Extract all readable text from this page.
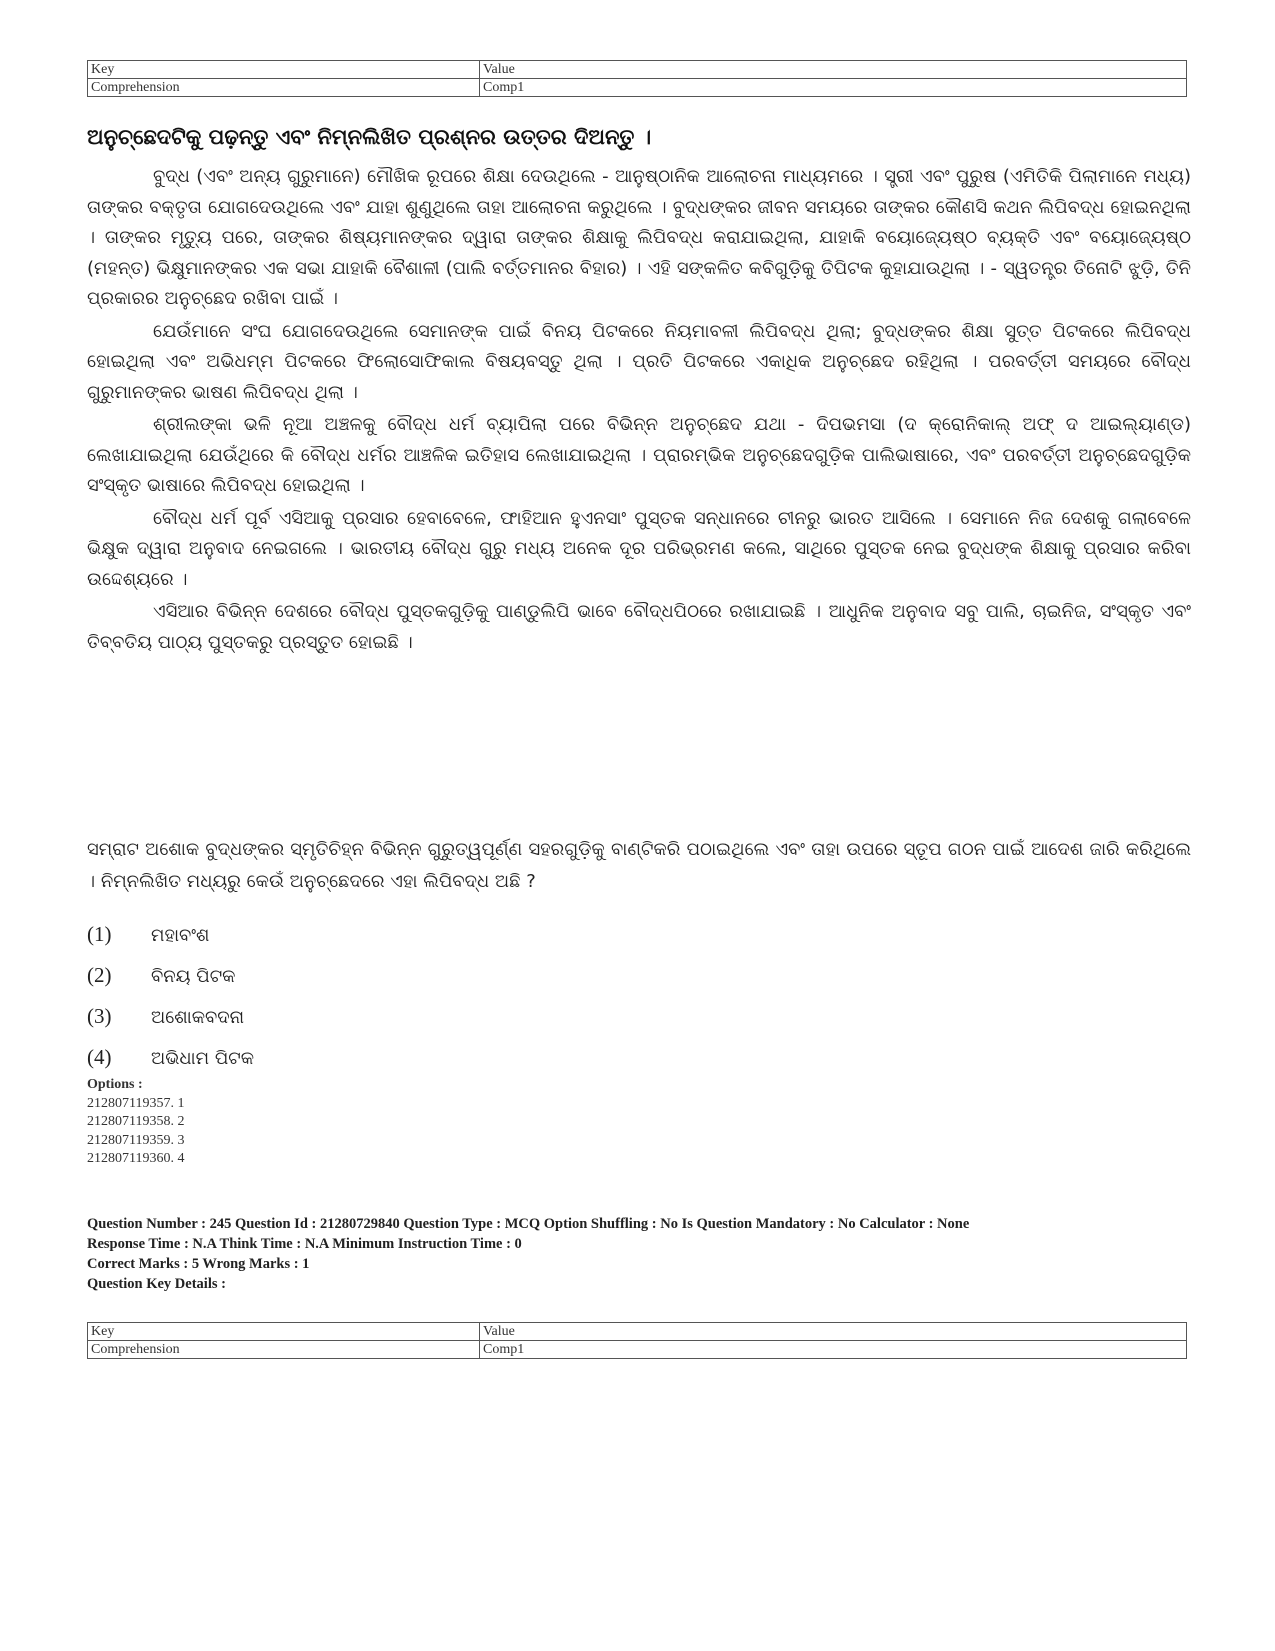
Key	Value
Comprehension	Comp1
ଅନୁଚ୍ଛେଦଟିକୁ ପଢ଼ନ୍ତୁ ଏବଂ ନିମ୍ନଲିଖିତ ପ୍ରଶ୍ନର ଉତ୍ତର ଦିଅନ୍ତୁ ।

ବୁଦ୍ଧ (ଏବଂ ଅନ୍ୟ ଗୁରୁମାନେ) ମୌଖିକ ରୂପରେ ଶିକ୍ଷା ଦେଉଥିଲେ - ଆନୁଷ୍ଠାନିକ ଆଲୋଚନା ମାଧ୍ୟମରେ । ସ୍ତ୍ରୀ ଏବଂ ପୁରୁଷ (ଏମିତିକି ପିଲାମାନେ ମଧ୍ୟ) ତାଙ୍କର ବକ୍ତୃତା ଯୋଗଦେଉଥିଲେ ଏବଂ ଯାହା ଶୁଣୁଥିଲେ ତାହା ଆଲୋଚନା କରୁଥିଲେ । ବୁଦ୍ଧଙ୍କର ଜୀବନ ସମୟରେ ତାଙ୍କର କୌଣସି କଥନ ଲିପିବଦ୍ଧ ହୋଇନଥିଲା । ତାଙ୍କର ମୃତ୍ୟୁ ପରେ, ତାଙ୍କର ଶିଷ୍ୟମାନଙ୍କର ଦ୍ୱାରା ତାଙ୍କର ଶିକ୍ଷାକୁ ଲିପିବଦ୍ଧ କରାଯାଇଥିଲା, ଯାହାକି ବୟୋଜ୍ୟେଷ୍ଠ ବ୍ୟକ୍ତି ଏବଂ ବୟୋଜ୍ୟେଷ୍ଠ (ମହନ୍ତ) ଭିକ୍ଷୁମାନଙ୍କର ଏକ ସଭା ଯାହାକି ବୈଶାଳୀ (ପାଲି ବର୍ତ୍ତମାନର ବିହାର) । ଏହି ସଙ୍କଳିତ କବିଗୁଡ଼ିକୁ ତିପିଟକ କୁହାଯାଉଥିଲା । - ସ୍ୱତନ୍ତ୍ର ତିନୋଟି ଝୁଡ଼ି, ତିନି ପ୍ରକାରର ଅନୁଚ୍ଛେଦ ରଖିବା ପାଇଁ ।

ଯେଉଁମାନେ ସଂଘ ଯୋଗଦେଉଥିଲେ ସେମାନଙ୍କ ପାଇଁ ବିନୟ ପିଟକରେ ନିୟମାବଳୀ ଲିପିବଦ୍ଧ ଥିଲା; ବୁଦ୍ଧଙ୍କର ଶିକ୍ଷା ସୁତ୍ତ ପିଟକରେ ଲିପିବଦ୍ଧ ହୋଇଥିଲା ଏବଂ ଅଭିଧମ୍ମ ପିଟକରେ ଫିଲୋସୋଫିକାଲ ବିଷୟବସ୍ତୁ ଥିଲା । ପ୍ରତି ପିଟକରେ ଏକାଧିକ ଅନୁଚ୍ଛେଦ ରହିଥିଲା । ପରବର୍ତ୍ତୀ ସମୟରେ ବୌଦ୍ଧ ଗୁରୁମାନଙ୍କର ଭାଷଣ ଲିପିବଦ୍ଧ ଥିଲା ।

ଶ୍ରୀଲଙ୍କା ଭଳି ନୂଆ ଅଞ୍ଚଳକୁ ବୌଦ୍ଧ ଧର୍ମ ବ୍ୟାପିଲା ପରେ ବିଭିନ୍ନ ଅନୁଚ୍ଛେଦ ଯଥା - ଦିପଭମସା (ଦ କ୍ରୋନିକାଲ୍ ଅଫ୍ ଦ ଆଇଲ୍ୟାଣ୍ଡ) ଲେଖାଯାଇଥିଲା ଯେଉଁଥିରେ କି ବୌଦ୍ଧ ଧର୍ମର ଆଞ୍ଚଳିକ ଇତିହାସ ଲେଖାଯାଇଥିଲା । ପ୍ରାରମ୍ଭିକ ଅନୁଚ୍ଛେଦଗୁଡ଼ିକ ପାଲିଭାଷାରେ, ଏବଂ ପରବର୍ତ୍ତୀ ଅନୁଚ୍ଛେଦଗୁଡ଼ିକ ସଂସ୍କୃତ ଭାଷାରେ ଲିପିବଦ୍ଧ ହୋଇଥିଲା ।

ବୌଦ୍ଧ ଧର୍ମ ପୂର୍ବ ଏସିଆକୁ ପ୍ରସାର ହେବାବେଳେ, ଫାହିଆନ ହୁଏନସାଂ ପୁସ୍ତକ ସନ୍ଧାନରେ ଚୀନରୁ ଭାରତ ଆସିଲେ । ସେମାନେ ନିଜ ଦେଶକୁ ଗଲାବେଳେ ଭିକ୍ଷୁକ ଦ୍ୱାରା ଅନୁବାଦ ନେଇଗଲେ । ଭାରତୀୟ ବୌଦ୍ଧ ଗୁରୁ ମଧ୍ୟ ଅନେକ ଦୂର ପରିଭ୍ରମଣ କଲେ, ସାଥିରେ ପୁସ୍ତକ ନେଇ ବୁଦ୍ଧଙ୍କ ଶିକ୍ଷାକୁ ପ୍ରସାର କରିବା ଉଦ୍ଦେଶ୍ୟରେ ।

ଏସିଆର ବିଭିନ୍ନ ଦେଶରେ ବୌଦ୍ଧ ପୁସ୍ତକଗୁଡ଼ିକୁ ପାଣ୍ଡୁଲିପି ଭାବେ ବୌଦ୍ଧପିଠରେ ରଖାଯାଇଛି । ଆଧୁନିକ ଅନୁବାଦ ସବୁ ପାଲି, ଚାଇନିଜ, ସଂସ୍କୃତ ଏବଂ ତିବ୍ବତିୟ ପାଠ୍ୟ ପୁସ୍ତକରୁ ପ୍ରସ୍ତୁତ ହୋଇଛି ।

ସମ୍ରାଟ ଅଶୋକ ବୁଦ୍ଧଙ୍କର ସ୍ମୃତିଚିହ୍ନ ବିଭିନ୍ନ ଗୁରୁତ୍ୱପୂର୍ଣ୍ଣ ସହରଗୁଡ଼ିକୁ ବାଣ୍ଟିକରି ପଠାଇଥିଲେ ଏବଂ ତାହା ଉପରେ ସ୍ତୂପ ଗଠନ ପାଇଁ ଆଦେଶ ଜାରି କରିଥିଲେ । ନିମ୍ନଲିଖିତ ମଧ୍ୟରୁ କେଉଁ ଅନୁଚ୍ଛେଦରେ ଏହା ଲିପିବଦ୍ଧ ଅଛି ?

(1) ମହାବଂଶ
(2) ବିନୟ ପିଟକ
(3) ଅଶୋକବଦନା
(4) ଅଭିଧାମ ପିଟକ
Options :
212807119357. 1
212807119358. 2
212807119359. 3
212807119360. 4
Question Number : 245 Question Id : 21280729840 Question Type : MCQ Option Shuffling : No Is Question Mandatory : No Calculator : None
Response Time : N.A Think Time : N.A Minimum Instruction Time : 0
Correct Marks : 5 Wrong Marks : 1
Question Key Details :
Key	Value
Comprehension	Comp1
